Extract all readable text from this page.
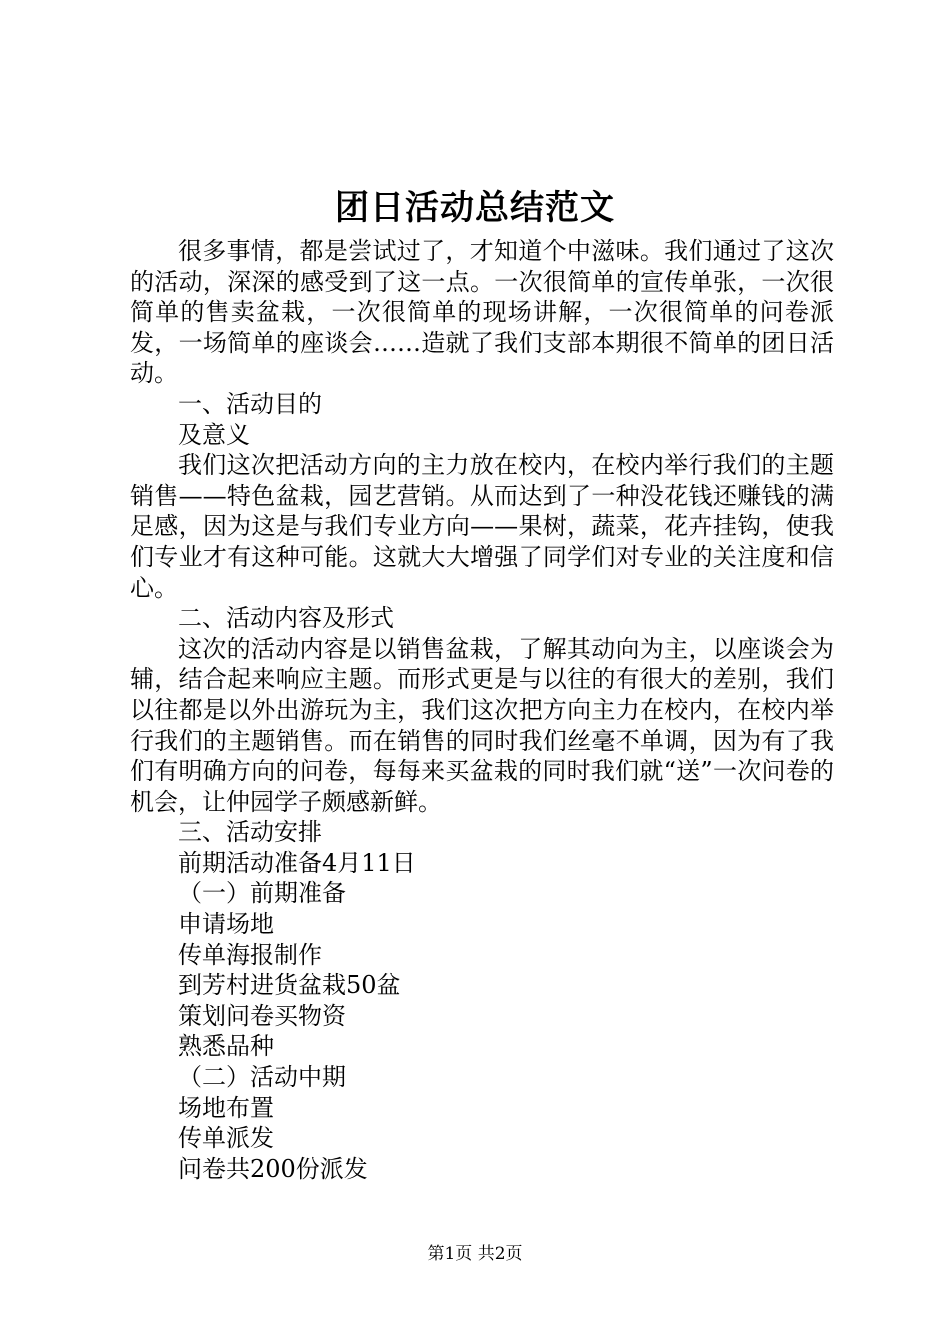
团日活动总结范文

很多事情，都是尝试过了，才知道个中滋味。我们通过了这次的活动，深深的感受到了这一点。一次很简单的宣传单张，一次很简单的售卖盆栽，一次很简单的现场讲解，一次很简单的问卷派发，一场简单的座谈会……造就了我们支部本期很不简单的团日活动。

一、活动目的

及意义

我们这次把活动方向的主力放在校内，在校内举行我们的主题销售——特色盆栽，园艺营销。从而达到了一种没花钱还赚钱的满足感，因为这是与我们专业方向——果树，蔬菜，花卉挂钩，使我们专业才有这种可能。这就大大增强了同学们对专业的关注度和信心。

二、活动内容及形式

这次的活动内容是以销售盆栽，了解其动向为主，以座谈会为辅，结合起来响应主题。而形式更是与以往的有很大的差别，我们以往都是以外出游玩为主，我们这次把方向主力在校内，在校内举行我们的主题销售。而在销售的同时我们丝毫不单调，因为有了我们有明确方向的问卷，每每来买盆栽的同时我们就“送”一次问卷的机会，让仲园学子颇感新鲜。

三、活动安排

前期活动准备4月11日

（一）前期准备

申请场地

传单海报制作

到芳村进货盆栽50盆

策划问卷买物资

熟悉品种

（二）活动中期

场地布置

传单派发

问卷共200份派发

第1页 共2页
